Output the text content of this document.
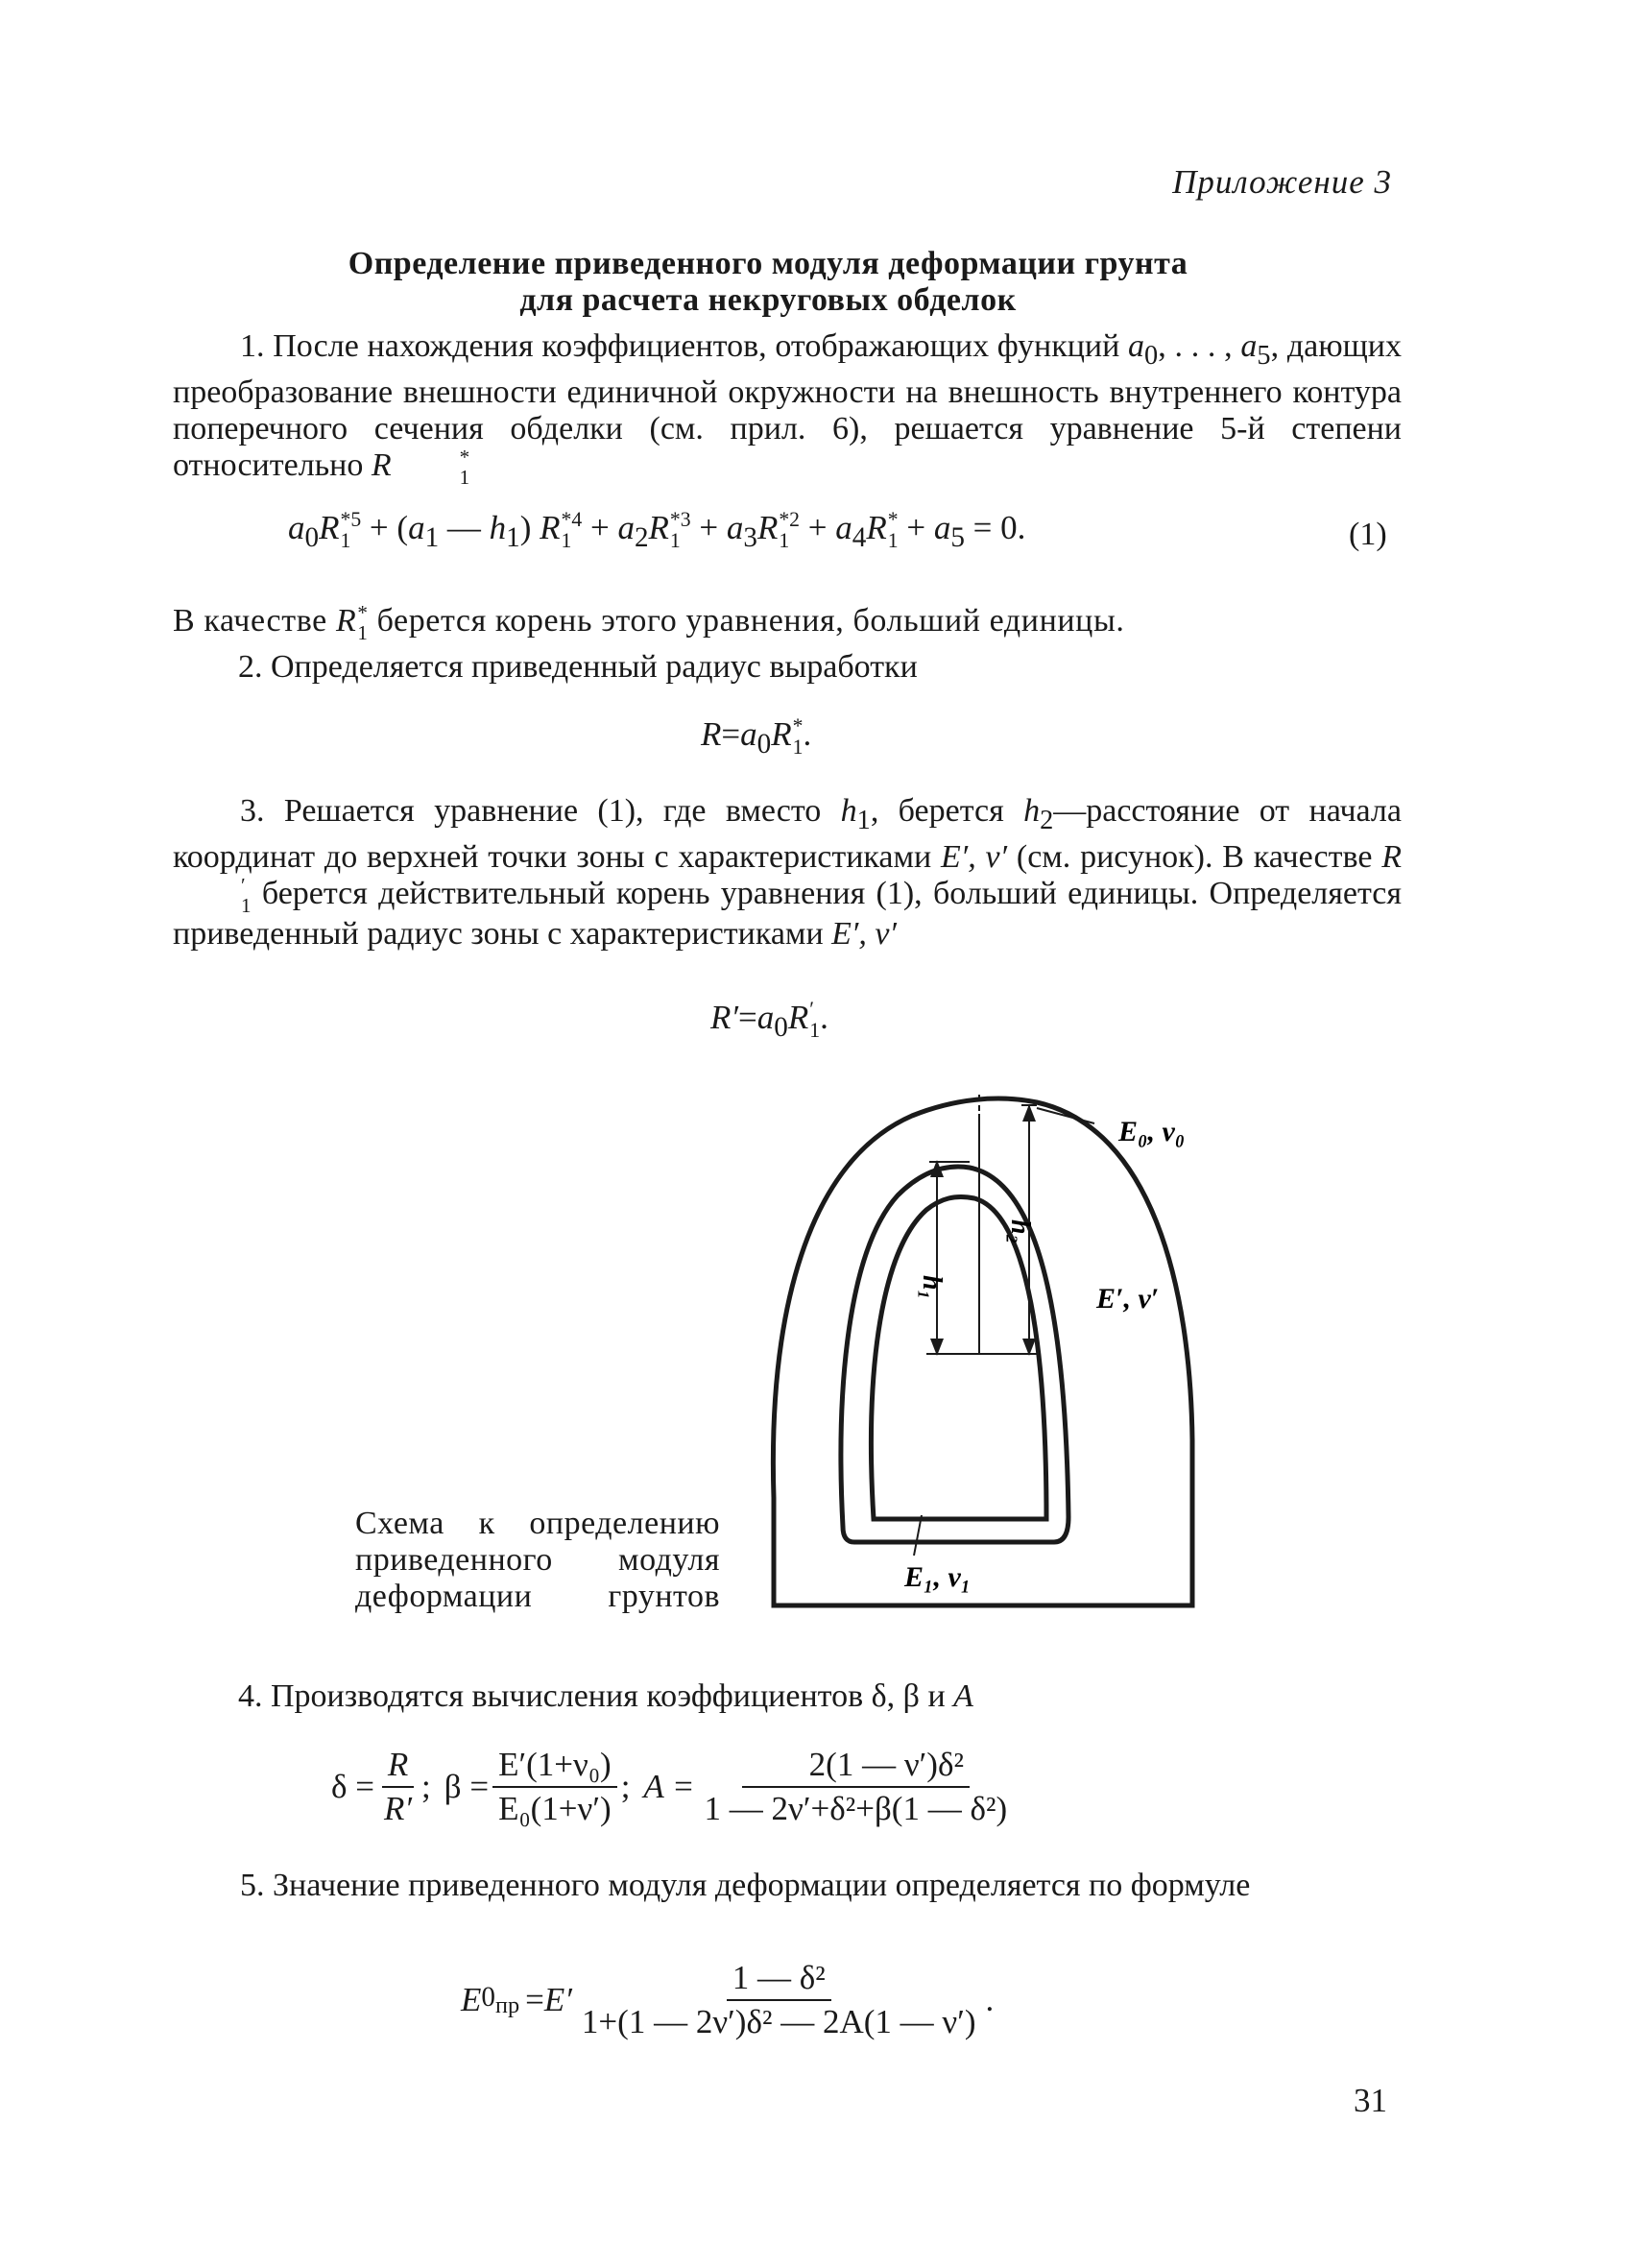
Приложение 3
Определение приведенного модуля деформации грунта
для расчета некруговых обделок
1. После нахождения коэффициентов, отображающих функций $a_0$, . . . , $a_5$, дающих преобразование внешности единичной окружности на внешность внутреннего контура поперечного сечения обделки (см. прил. 6), решается уравнение 5-й степени относительно R	*
1
$a_0R$ *5
$1 + (a_1$ — $h_1$) R *4
$1 + a_2R$ *3
$1 + a_3R$ *2
$1 + a_4R$ *
$1 + a_5 = 0$.	(1)
В качестве R *
1 берется корень этого уравнения, больший единицы.
2. Определяется приведенный радиус выработки
$R=a_0R$ *
1 .
3. Решается уравнение (1), где вместо $h_1$, берется $h_2—расстояние$ от начала координат до верхней точки зоны с характеристиками E′, ν′ (см. рисунок). В качестве R
′
1 берется действительный корень уравнения (1), больший единицы. Определяется приведенный радиус зоны с характеристиками E′, ν′
$R'=a_0R$ ′
1 .
E₀, ν₀
E′, ν′
E₁, ν₁
h₁
h₂
Схема к определению
приведенного модуля
деформации грунтов
4. Производятся вычисления коэффициентов δ, β и A
$\delta = \frac{R}{R'}$ ; $\beta = \frac{\text{E′(1+ν₀)}}{\text{E₀(1+ν′)}}$ ; $A = \frac{\text{2(1 — ν′)δ²}}{\text{1 — 2ν′+δ²+β(1 — δ²)}}$
5. Значение приведенного модуля деформации определяется по формуле
E $0_{пр} = E' \frac{\text{1 — δ²}}{\text{1+(1 — 2ν′)δ² — 2A(1 — ν′)}}$ .
31
